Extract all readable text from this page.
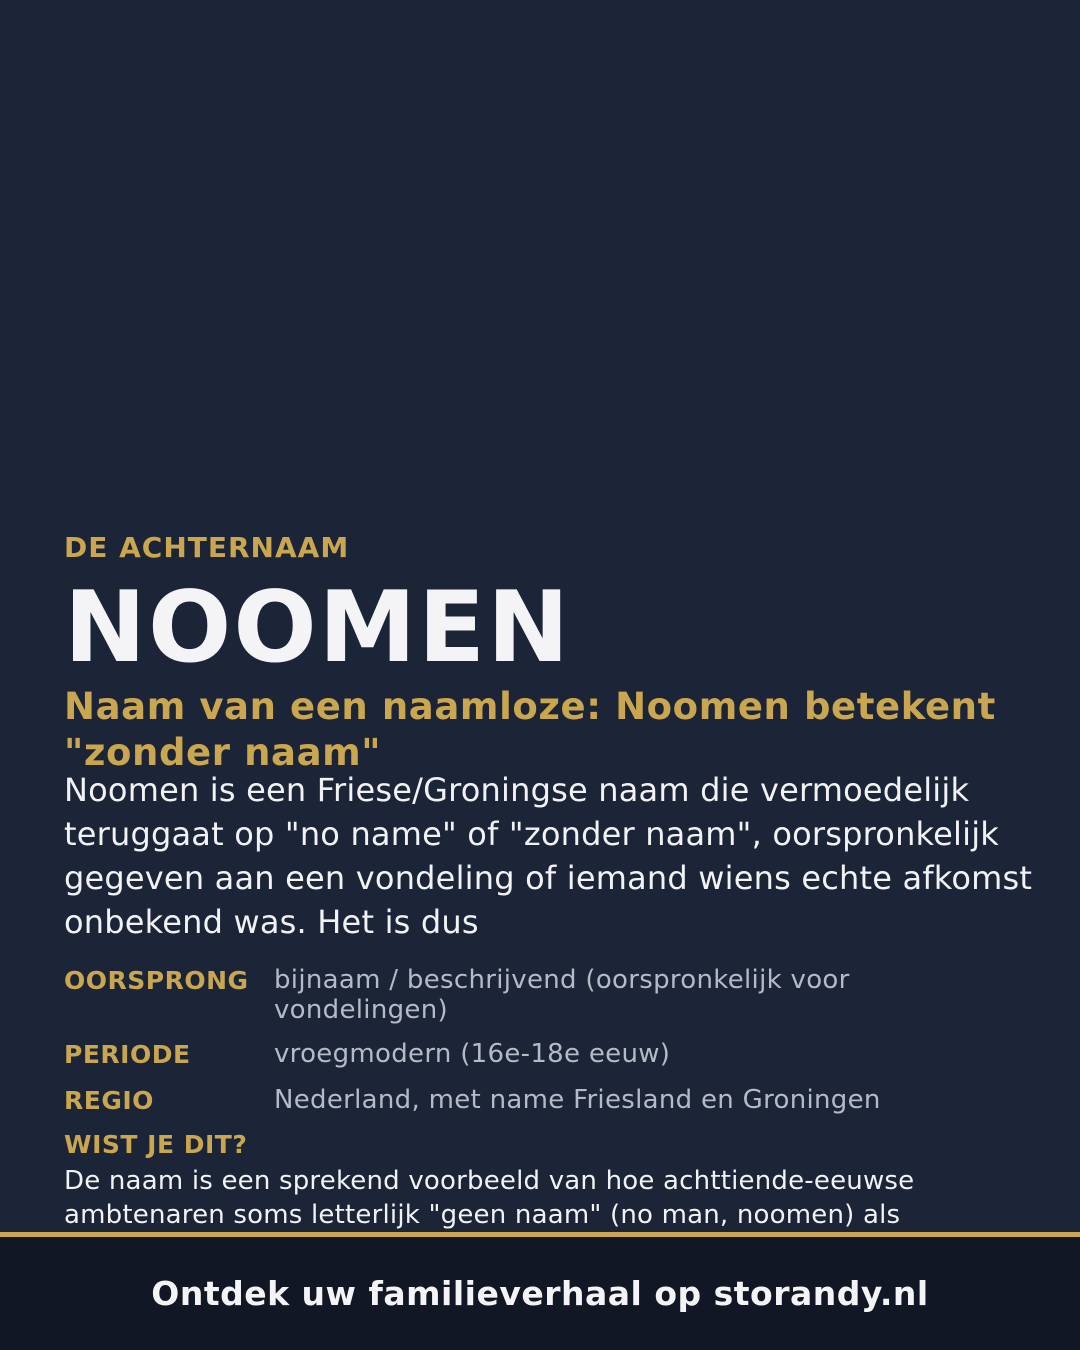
DE ACHTERNAAM
NOOMEN
Naam van een naamloze: Noomen betekent "zonder naam"
Noomen is een Friese/Groningse naam die vermoedelijk teruggaat op "no name" of "zonder naam", oorspronkelijk gegeven aan een vondeling of iemand wiens echte afkomst onbekend was. Het is dus
OORSPRONG bijnaam / beschrijvend (oorspronkelijk voor vondelingen)
PERIODE	vroegmodern (16e-18e eeuw)
REGIO	Nederland, met name Friesland en Groningen
WIST JE DIT?
De naam is een sprekend voorbeeld van hoe achttiende-eeuwse ambtenaren soms letterlijk "geen naam" (no man, noomen) als
Ontdek uw familieverhaal op storandy.nl
